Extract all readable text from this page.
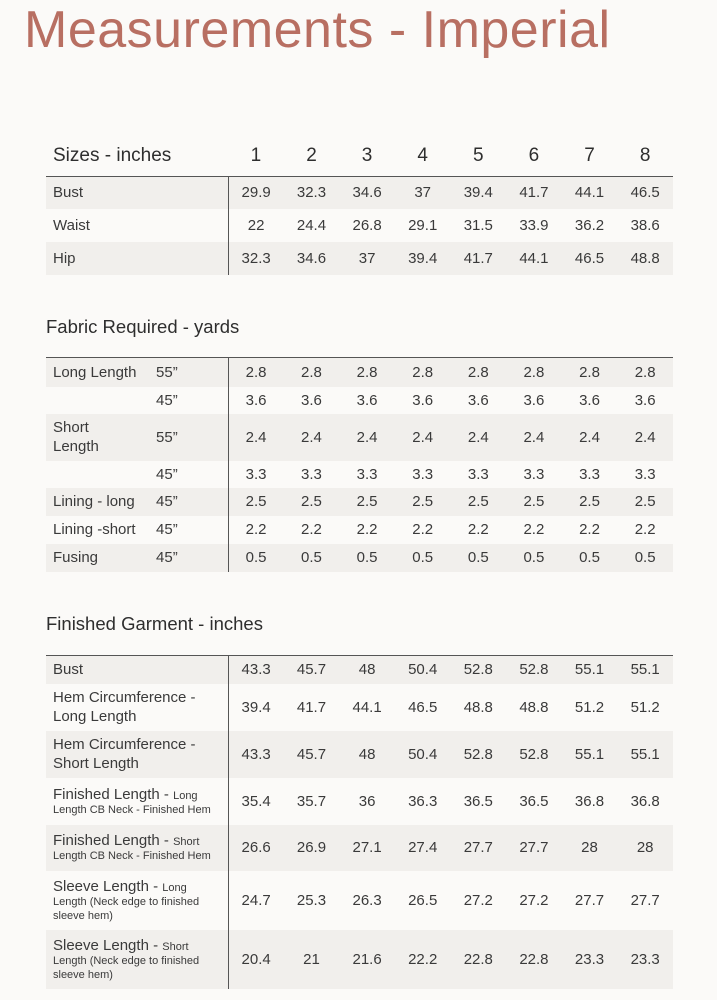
Measurements - Imperial
Sizes - inches	1	2	3	4	5	6	7	8
Bust	29.9	32.3	34.6	37	39.4	41.7	44.1	46.5
Waist	22	24.4	26.8	29.1	31.5	33.9	36.2	38.6
Hip	32.3	34.6	37	39.4	41.7	44.1	46.5	48.8
Fabric Required - yards
Long Length	55”	2.8	2.8	2.8	2.8	2.8	2.8	2.8	2.8
	45”	3.6	3.6	3.6	3.6	3.6	3.6	3.6	3.6
Short Length	55”	2.4	2.4	2.4	2.4	2.4	2.4	2.4	2.4
	45”	3.3	3.3	3.3	3.3	3.3	3.3	3.3	3.3
Lining - long	45”	2.5	2.5	2.5	2.5	2.5	2.5	2.5	2.5
Lining -short	45”	2.2	2.2	2.2	2.2	2.2	2.2	2.2	2.2
Fusing	45”	0.5	0.5	0.5	0.5	0.5	0.5	0.5	0.5
Finished Garment - inches
Bust	43.3	45.7	48	50.4	52.8	52.8	55.1	55.1
Hem Circumference -
Long Length	39.4	41.7	44.1	46.5	48.8	48.8	51.2	51.2
Hem Circumference -
Short Length	43.3	45.7	48	50.4	52.8	52.8	55.1	55.1
Finished Length - Long
Length CB Neck - Finished Hem	35.4	35.7	36	36.3	36.5	36.5	36.8	36.8
Finished Length - Short
Length CB Neck - Finished Hem	26.6	26.9	27.1	27.4	27.7	27.7	28	28
Sleeve Length - Long
Length (Neck edge to finished sleeve hem)	24.7	25.3	26.3	26.5	27.2	27.2	27.7	27.7
Sleeve Length - Short
Length (Neck edge to finished sleeve hem)	20.4	21	21.6	22.2	22.8	22.8	23.3	23.3
